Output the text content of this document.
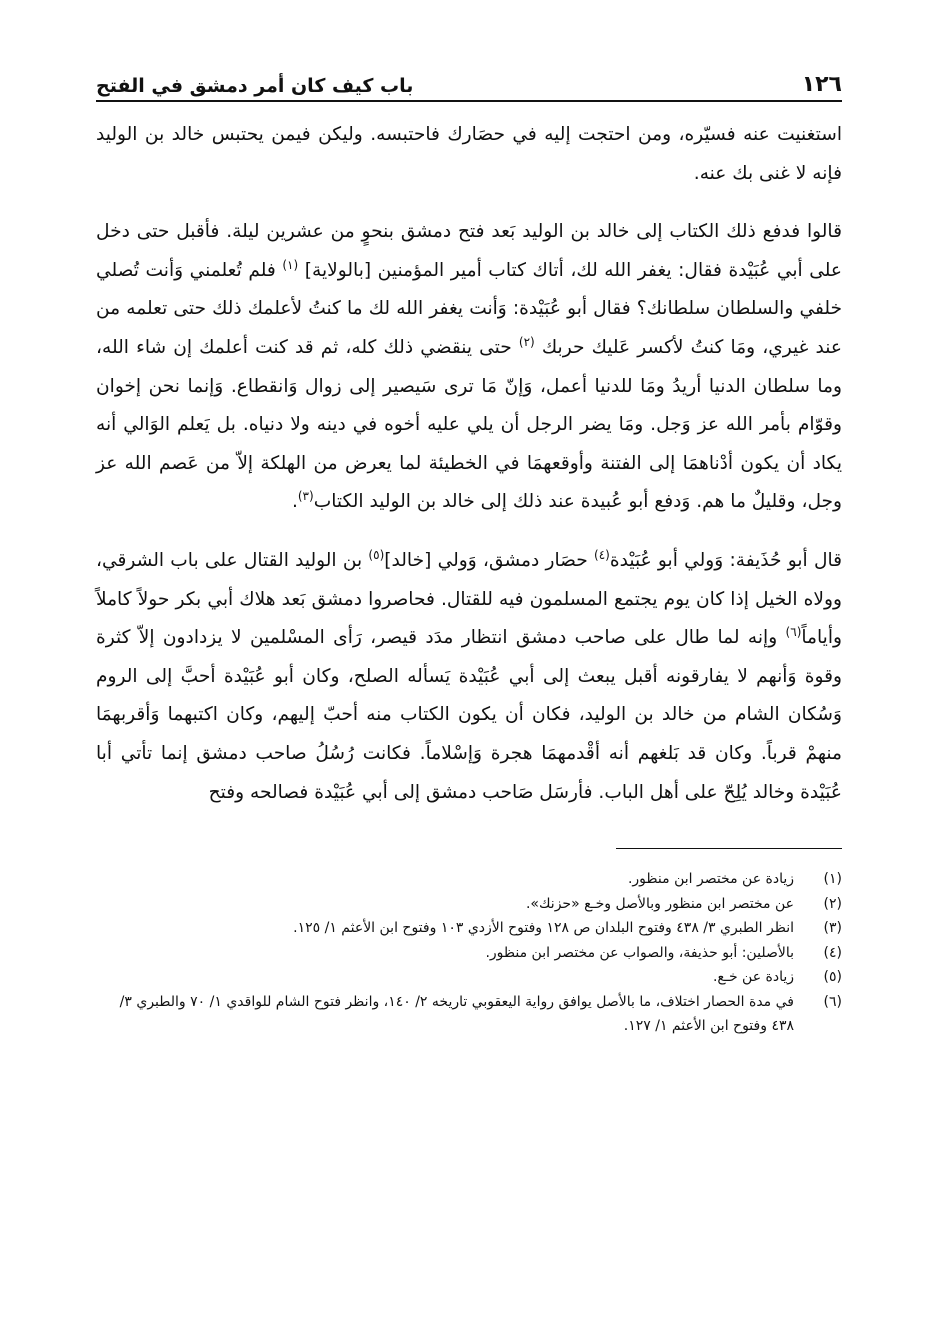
١٢٦
باب كيف كان أمر دمشق في الفتح

استغنيت عنه فسيّره، ومن احتجت إليه في حصَارك فاحتبسه. وليكن فيمن يحتبس خالد بن الوليد فإنه لا غنى بك عنه.

قالوا فدفع ذلك الكتاب إلى خالد بن الوليد بَعد فتح دمشق بنحوٍ من عشرين ليلة. فأقبل حتى دخل على أبي عُبَيْدة فقال: يغفر الله لك، أتاك كتاب أمير المؤمنين [بالولاية] $^{(١)}$ فلم تُعلمني وَأنت تُصلي خلفي والسلطان سلطانك؟ فقال أبو عُبَيْدة: وَأنت يغفر الله لك ما كنتُ لأعلمك ذلك حتى تعلمه من عند غيري، ومَا كنتُ لأكسر عَليك حربك $^{(٢)}$ حتى ينقضي ذلك كله، ثم قد كنت أعلمك إن شاء الله، وما سلطان الدنيا أريدُ ومَا للدنيا أعمل، وَإنّ مَا ترى سَيصير إلى زوال وَانقطاع. وَإنما نحن إخوان وقوّام بأمر الله عز وَجل. ومَا يضر الرجل أن يلي عليه أخوه في دينه ولا دنياه. بل يَعلم الوَالي أنه يكاد أن يكون أدْناهمَا إلى الفتنة وأوقعهمَا في الخطيئة لما يعرض من الهلكة إلاّ من عَصم الله عز وجل، وقليلٌ ما هم. وَدفع أبو عُبيدة عند ذلك إلى خالد بن الوليد الكتاب$^{(٣)}$.

قال أبو حُذَيفة: وَولي أبو عُبَيْدة$^{(٤)}$ حصَار دمشق، وَولي [خالد]$^{(٥)}$ بن الوليد القتال على باب الشرقي، وولاه الخيل إذا كان يوم يجتمع المسلمون فيه للقتال. فحاصروا دمشق بَعد هلاك أبي بكر حولاً كاملاً وأياماً$^{(٦)}$ وإنه لما طال على صاحب دمشق انتظار مدَد قيصر، رَأى المسْلمين لا يزدادون إلاّ كثرة وقوة وَأنهم لا يفارقونه أقبل يبعث إلى أبي عُبَيْدة يَسأله الصلح، وكان أبو عُبَيْدة أحبَّ إلى الروم وَسُكان الشام من خالد بن الوليد، فكان أن يكون الكتاب منه أحبّ إليهم، وكان اكتبهما وَأقربهمَا منهمْ قرباً. وكان قد بَلغهم أنه أقْدمهمَا هجرة وَإسْلاماً. فكانت رُسُلُ صاحب دمشق إنما تأتي أبا عُبَيْدة وخالد يُلِحّ على أهل الباب. فأرسَل صَاحب دمشق إلى أبي عُبَيْدة فصالحه وفتح

(١)
زيادة عن مختصر ابن منظور.
(٢)
عن مختصر ابن منظور وبالأصل وخـع «حزنك».
(٣)
انظر الطبري ٣/ ٤٣٨ وفتوح البلدان ص ١٢٨ وفتوح الأزدي ١٠٣ وفتوح ابن الأعثم ١/ ١٢٥.
(٤)
بالأصلين: أبو حذيفة، والصواب عن مختصر ابن منظور.
(٥)
زيادة عن خـع.
(٦)
في مدة الحصار اختلاف، ما بالأصل يوافق رواية اليعقوبي تاريخه ٢/ ١٤٠، وانظر فتوح الشام للواقدي ١/ ٧٠ والطبري ٣/ ٤٣٨ وفتوح ابن الأعثم ١/ ١٢٧.
